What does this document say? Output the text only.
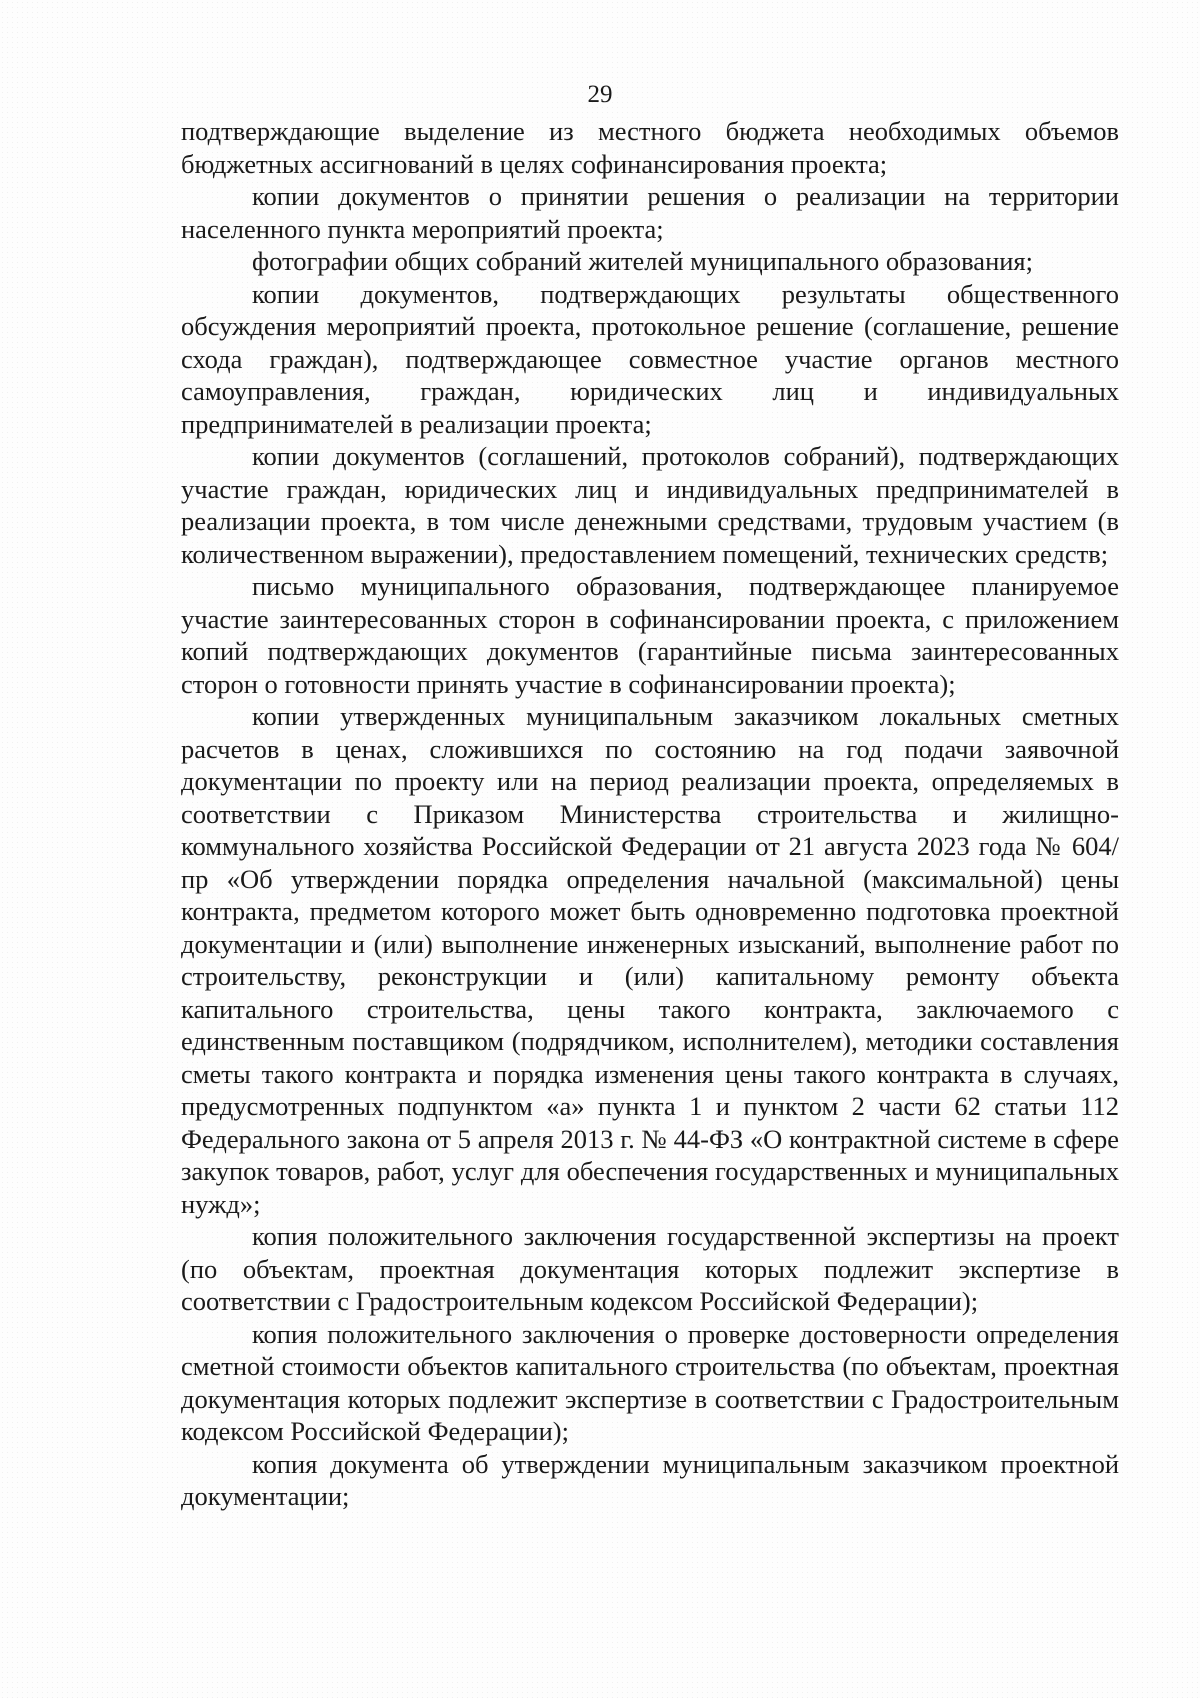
29

подтверждающие выделение из местного бюджета необходимых объемов бюджетных ассигнований в целях софинансирования проекта;

копии документов о принятии решения о реализации на территории населенного пункта мероприятий проекта;

фотографии общих собраний жителей муниципального образования;

копии документов, подтверждающих результаты общественного обсуждения мероприятий проекта, протокольное решение (соглашение, решение схода граждан), подтверждающее совместное участие органов местного самоуправления, граждан, юридических лиц и индивидуальных предпринимателей в реализации проекта;

копии документов (соглашений, протоколов собраний), подтверждающих участие граждан, юридических лиц и индивидуальных предпринимателей в реализации проекта, в том числе денежными средствами, трудовым участием (в количественном выражении), предоставлением помещений, технических средств;

письмо муниципального образования, подтверждающее планируемое участие заинтересованных сторон в софинансировании проекта, с приложением копий подтверждающих документов (гарантийные письма заинтересованных сторон о готовности принять участие в софинансировании проекта);

копии утвержденных муниципальным заказчиком локальных сметных расчетов в ценах, сложившихся по состоянию на год подачи заявочной документации по проекту или на период реализации проекта, определяемых в соответствии с Приказом Министерства строительства и жилищно-коммунального хозяйства Российской Федерации от 21 августа 2023 года № 604/пр «Об утверждении порядка определения начальной (максимальной) цены контракта, предметом которого может быть одновременно подготовка проектной документации и (или) выполнение инженерных изысканий, выполнение работ по строительству, реконструкции и (или) капитальному ремонту объекта капитального строительства, цены такого контракта, заключаемого с единственным поставщиком (подрядчиком, исполнителем), методики составления сметы такого контракта и порядка изменения цены такого контракта в случаях, предусмотренных подпунктом «а» пункта 1 и пунктом 2 части 62 статьи 112 Федерального закона от 5 апреля 2013 г. № 44-ФЗ «О контрактной системе в сфере закупок товаров, работ, услуг для обеспечения государственных и муниципальных нужд»;

копия положительного заключения государственной экспертизы на проект (по объектам, проектная документация которых подлежит экспертизе в соответствии с Градостроительным кодексом Российской Федерации);

копия положительного заключения о проверке достоверности определения сметной стоимости объектов капитального строительства (по объектам, проектная документация которых подлежит экспертизе в соответствии с Градостроительным кодексом Российской Федерации);

копия документа об утверждении муниципальным заказчиком проектной документации;
